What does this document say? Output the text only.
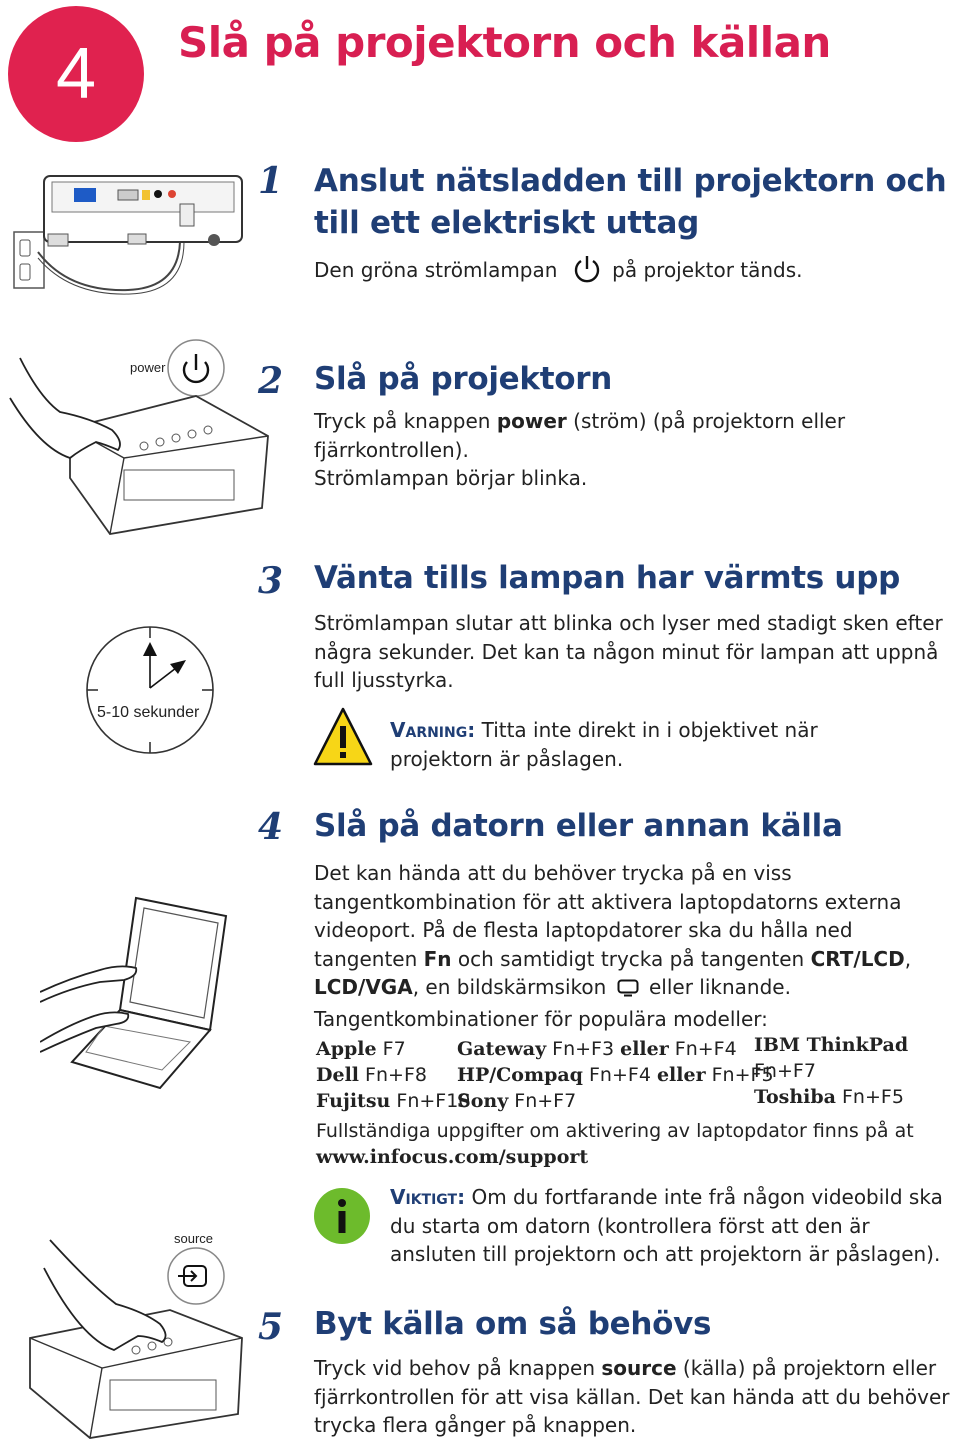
4 Slå på projektorn och källan
1 Anslut nätsladden till projektorn och
till ett elektriskt uttag
Den gröna strömlampan	på projektor tänds.
power	2 Slå på projektorn
Tryck på knappen power (ström) (på projektorn eller fjärrkontrollen).
Strömlampan börjar blinka.
5-10 sekunder
3 Vänta tills lampan har värmts upp
Strömlampan slutar att blinka och lyser med stadigt sken efter några sekunder. Det kan ta någon minut för lampan att uppnå full ljusstyrka.
Varning: Titta inte direkt in i objektivet när projektorn är påslagen.
4 Slå på datorn eller annan källa
Det kan hända att du behöver trycka på en viss tangentkombination för att aktivera laptopdatorns externa videoport. På de flesta laptopdatorer ska du hålla ned tangenten Fn och samtidigt trycka på tangenten CRT/LCD, LCD/VGA, en bildskärmsikon  eller liknande. Tangentkombinationer för populära modeller:
Apple F7
Dell Fn+F8
Fujitsu Fn+F10
Gateway Fn+F3 eller Fn+F4
HP/Compaq Fn+F4 eller Fn+F5
Sony Fn+F7
IBM ThinkPad Fn+F7
Toshiba Fn+F5
Fullständiga uppgifter om aktivering av laptopdator finns på at
www.infocus.com/support
Viktigt: Om du fortfarande inte frå någon videobild ska du starta om datorn (kontrollera först att den är ansluten till projektorn och att projektorn är påslagen).
source
5 Byt källa om så behövs
Tryck vid behov på knappen source (källa) på projektorn eller fjärrkontrollen för att visa källan. Det kan hända att du behöver trycka flera gånger på knappen.
